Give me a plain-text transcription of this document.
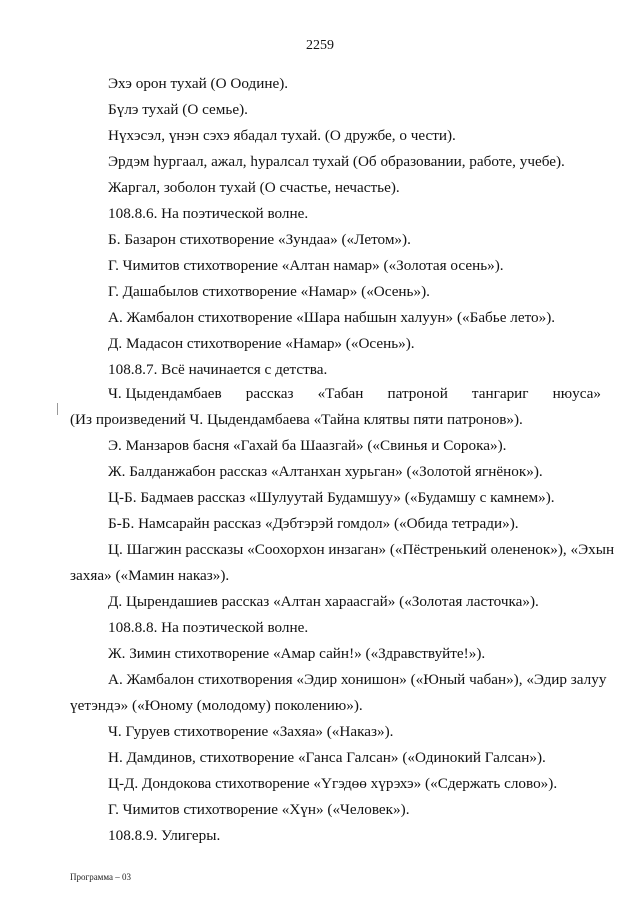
2259
Эхэ орон тухай (О Оодине).
Бүлэ тухай (О семье).
Нүхэсэл, үнэн сэхэ ябадал тухай. (О дружбе, о чести).
Эрдэм һургаал, ажал, һуралсал тухай (Об образовании, работе, учебе).
Жаргал, зоболон тухай (О счастье, нечастье).
108.8.6. На поэтической волне.
Б. Базарон стихотворение «Зундаа» («Летом»).
Г. Чимитов стихотворение «Алтан намар» («Золотая осень»).
Г. Дашабылов стихотворение «Намар» («Осень»).
А. Жамбалон стихотворение «Шара набшын халуун» («Бабье лето»).
Д. Мадасон стихотворение «Намар» («Осень»).
108.8.7. Всё начинается с детства.
Ч. Цыдендамбаев рассказ «Табан патроной тангариг нюуса»
(Из произведений Ч. Цыдендамбаева «Тайна клятвы пяти патронов»).
Э. Манзаров басня «Гахай ба Шаазгай» («Свинья и Сорока»).
Ж. Балданжабон рассказ «Алтанхан хурьган» («Золотой ягнёнок»).
Ц-Б. Бадмаев рассказ «Шулуутай Будамшуу» («Будамшу с камнем»).
Б-Б. Намсарайн рассказ «Дэбтэрэй гомдол» («Обида тетради»).
Ц. Шагжин рассказы «Соохорхон инзаган» («Пёстренький олененок»), «Эхын
захяа» («Мамин наказ»).
Д. Цырендашиев рассказ «Алтан хараасгай» («Золотая ласточка»).
108.8.8. На поэтической волне.
Ж. Зимин стихотворение «Амар сайн!» («Здравствуйте!»).
А. Жамбалон стихотворения «Эдир хонишон» («Юный чабан»), «Эдир залуу
үетэндэ» («Юному (молодому) поколению»).
Ч. Гуруев стихотворение «Захяа» («Наказ»).
Н. Дамдинов, стихотворение «Ганса Галсан» («Одинокий Галсан»).
Ц-Д. Дондокова стихотворение «Үгэдөө хүрэхэ» («Сдержать слово»).
Г. Чимитов стихотворение «Хүн» («Человек»).
108.8.9. Улигеры.
Программа – 03
